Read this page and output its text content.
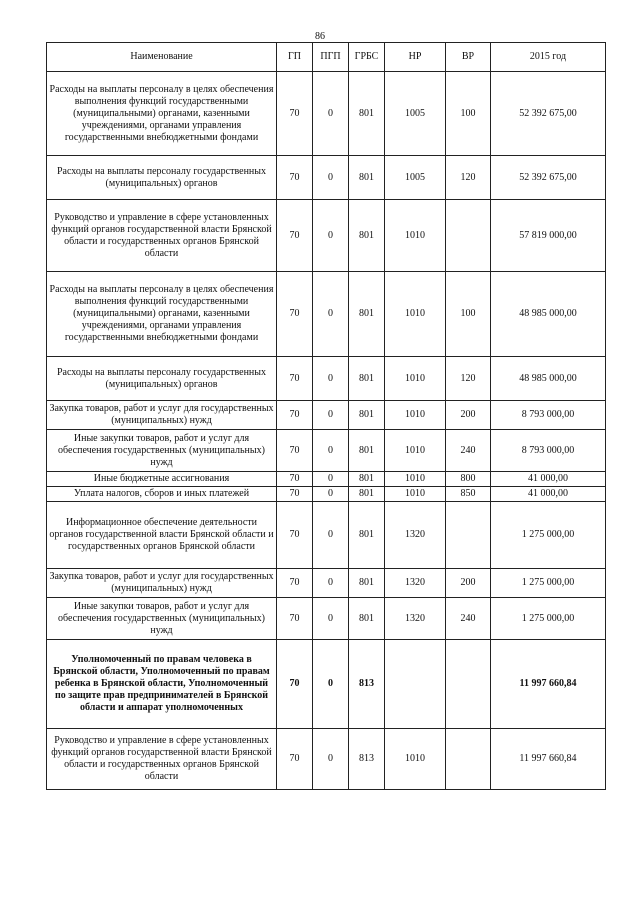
86
Наименование	ГП	ПГП	ГРБС	НР	ВР	2015 год
Расходы на выплаты персоналу в целях обеспечения выполнения функций государственными (муниципальными) органами, казенными учреждениями, органами управления государственными внебюджетными фондами	70	0	801	1005	100	52 392 675,00
Расходы на выплаты персоналу государственных (муниципальных) органов	70	0	801	1005	120	52 392 675,00
Руководство и управление в сфере установленных функций органов государственной власти Брянской области и государственных органов Брянской области	70	0	801	1010		57 819 000,00
Расходы на выплаты персоналу в целях обеспечения выполнения функций государственными (муниципальными) органами, казенными учреждениями, органами управления государственными внебюджетными фондами	70	0	801	1010	100	48 985 000,00
Расходы на выплаты персоналу государственных (муниципальных) органов	70	0	801	1010	120	48 985 000,00
Закупка товаров, работ и услуг для государственных (муниципальных) нужд	70	0	801	1010	200	8 793 000,00
Иные закупки товаров, работ и услуг для обеспечения государственных (муниципальных) нужд	70	0	801	1010	240	8 793 000,00
Иные бюджетные ассигнования	70	0	801	1010	800	41 000,00
Уплата налогов, сборов и иных платежей	70	0	801	1010	850	41 000,00
Информационное обеспечение деятельности органов государственной власти Брянской области и государственных органов Брянской области	70	0	801	1320		1 275 000,00
Закупка товаров, работ и услуг для государственных (муниципальных) нужд	70	0	801	1320	200	1 275 000,00
Иные закупки товаров, работ и услуг для обеспечения государственных (муниципальных) нужд	70	0	801	1320	240	1 275 000,00
Уполномоченный по правам человека в Брянской области, Уполномоченный по правам ребенка в Брянской области, Уполномоченный по защите прав предпринимателей в Брянской области и аппарат уполномоченных	70	0	813			11 997 660,84
Руководство и управление в сфере установленных функций органов государственной власти Брянской области и государственных органов Брянской области	70	0	813	1010		11 997 660,84
